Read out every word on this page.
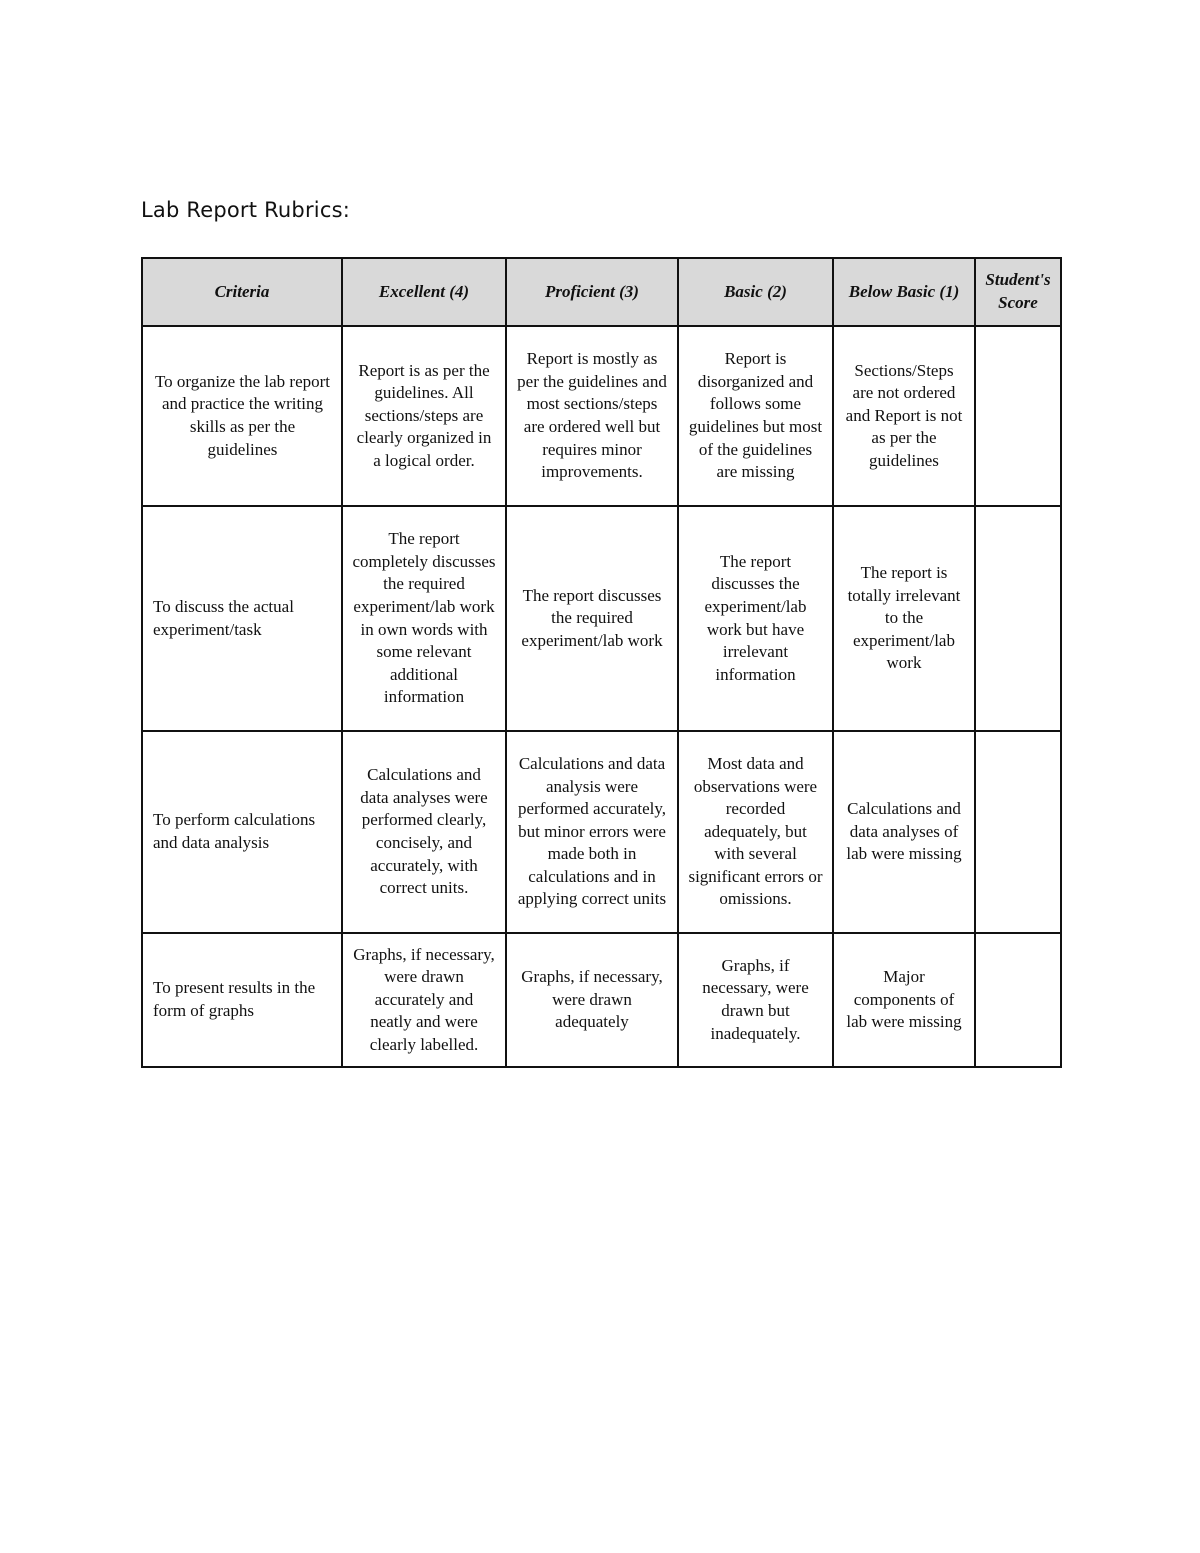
Lab Report Rubrics:
Criteria	Excellent (4)	Proficient (3)	Basic (2)	Below Basic (1)	Student's Score
To organize the lab report and practice the writing skills as per the guidelines	Report is as per the guidelines. All sections/steps are clearly organized in a logical order.	Report is mostly as per the guidelines and most sections/steps are ordered well but requires minor improvements.	Report is disorganized and follows some guidelines but most of the guidelines are missing	Sections/Steps are not ordered and Report is not as per the guidelines	
To discuss the actual experiment/task	The report completely discusses the required experiment/lab work in own words with some relevant additional information	The report discusses the required experiment/lab work	The report discusses the experiment/lab work but have irrelevant information	The report is totally irrelevant to the experiment/lab work	
To perform calculations and data analysis	Calculations and data analyses were performed clearly, concisely, and accurately, with correct units.	Calculations and data analysis were performed accurately, but minor errors were made both in calculations and in applying correct units	Most data and observations were recorded adequately, but with several significant errors or omissions.	Calculations and data analyses of lab were missing	
To present results in the form of graphs	Graphs, if necessary, were drawn accurately and neatly and were clearly labelled.	Graphs, if necessary, were drawn adequately	Graphs, if necessary, were drawn but inadequately.	Major components of lab were missing	
